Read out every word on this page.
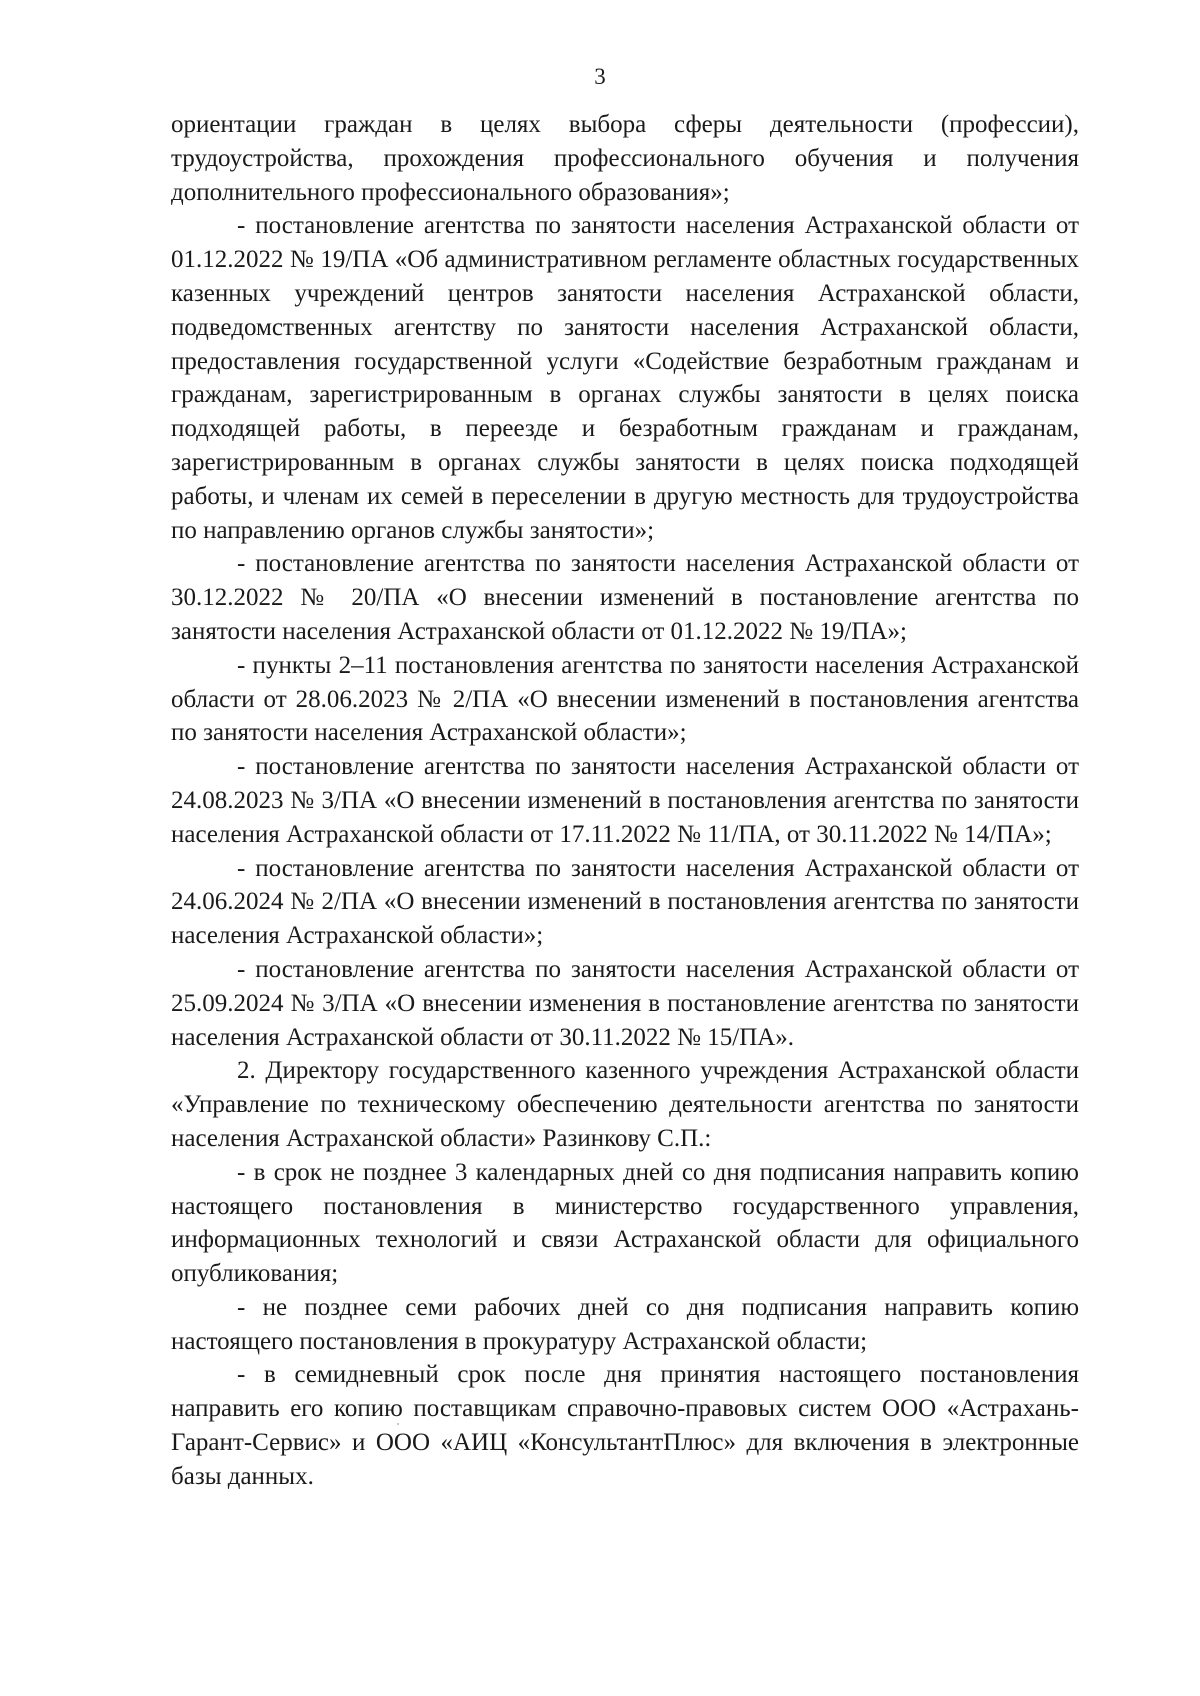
3

ориентации граждан в целях выбора сферы деятельности (профессии), трудоустройства, прохождения профессионального обучения и получения дополнительного профессионального образования»;

- постановление агентства по занятости населения Астраханской области от 01.12.2022 № 19/ПА «Об административном регламенте областных государственных казенных учреждений центров занятости населения Астраханской области, подведомственных агентству по занятости населения Астраханской области, предоставления государственной услуги «Содействие безработным гражданам и гражданам, зарегистрированным в органах службы занятости в целях поиска подходящей работы, в переезде и безработным гражданам и гражданам, зарегистрированным в органах службы занятости в целях поиска подходящей работы, и членам их семей в переселении в другую местность для трудоустройства по направлению органов службы занятости»;

- постановление агентства по занятости населения Астраханской области от 30.12.2022 № 20/ПА «О внесении изменений в постановление агентства по занятости населения Астраханской области от 01.12.2022 № 19/ПА»;

- пункты 2–11 постановления агентства по занятости населения Астраханской области от 28.06.2023 № 2/ПА «О внесении изменений в постановления агентства по занятости населения Астраханской области»;

- постановление агентства по занятости населения Астраханской области от 24.08.2023 № 3/ПА «О внесении изменений в постановления агентства по занятости населения Астраханской области от 17.11.2022 № 11/ПА, от 30.11.2022 № 14/ПА»;

- постановление агентства по занятости населения Астраханской области от 24.06.2024 № 2/ПА «О внесении изменений в постановления агентства по занятости населения Астраханской области»;

- постановление агентства по занятости населения Астраханской области от 25.09.2024 № 3/ПА «О внесении изменения в постановление агентства по занятости населения Астраханской области от 30.11.2022 № 15/ПА».

2. Директору государственного казенного учреждения Астраханской области «Управление по техническому обеспечению деятельности агентства по занятости населения Астраханской области» Разинкову С.П.:

- в срок не позднее 3 календарных дней со дня подписания направить копию настоящего постановления в министерство государственного управления, информационных технологий и связи Астраханской области для официального опубликования;

- не позднее семи рабочих дней со дня подписания направить копию настоящего постановления в прокуратуру Астраханской области;

- в семидневный срок после дня принятия настоящего постановления направить его копию поставщикам справочно-правовых систем ООО «Астрахань-Гарант-Сервис» и ООО «АИЦ «КонсультантПлюс» для включения в электронные базы данных.
